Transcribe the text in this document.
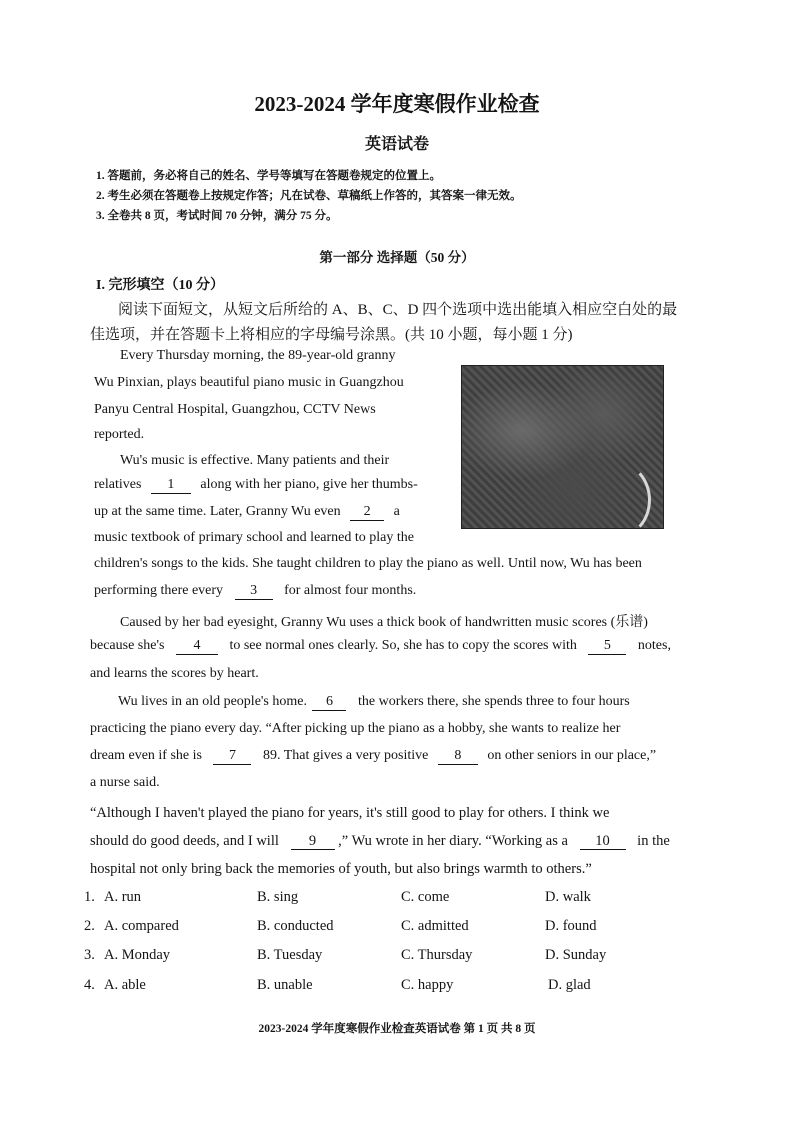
2023-2024 学年度寒假作业检查
英语试卷
1. 答题前，务必将自己的姓名、学号等填写在答题卷规定的位置上。
2. 考生必须在答题卷上按规定作答；凡在试卷、草稿纸上作答的，其答案一律无效。
3. 全卷共 8 页，考试时间 70 分钟，满分 75 分。
第一部分 选择题（50 分）
I. 完形填空（10 分）
阅读下面短文，从短文后所给的 A、B、C、D 四个选项中选出能填入相应空白处的最
佳选项，并在答题卡上将相应的字母编号涂黑。(共 10 小题，每小题 1 分)
Every Thursday morning, the 89-year-old granny
Wu Pinxian, plays beautiful piano music in Guangzhou
Panyu Central Hospital, Guangzhou, CCTV News
reported.
Wu's music is effective. Many patients and their
relatives 1 along with her piano, give her thumbs-
up at the same time. Later, Granny Wu even 2 a
music textbook of primary school and learned to play the
children's songs to the kids. She taught children to play the piano as well. Until now, Wu has been
performing there every 3 for almost four months.
Caused by her bad eyesight, Granny Wu uses a thick book of handwritten music scores (乐谱)
because she's 4 to see normal ones clearly. So, she has to copy the scores with 5 notes,
and learns the scores by heart.
Wu lives in an old people's home. 6 the workers there, she spends three to four hours
practicing the piano every day. “After picking up the piano as a hobby, she wants to realize her
dream even if she is 7 89. That gives a very positive 8 on other seniors in our place,”
a nurse said.
“Although I haven't played the piano for years, it's still good to play for others. I think we
should do good deeds, and I will 9 ,” Wu wrote in her diary. “Working as a 10 in the
hospital not only bring back the memories of youth, but also brings warmth to others.”
1. A. run	B. sing	C. come	D. walk
2. A. compared	B. conducted	C. admitted	D. found
3. A. Monday	B. Tuesday	C. Thursday	D. Sunday
4. A. able	B. unable	C. happy	D. glad
2023-2024 学年度寒假作业检查英语试卷 第 1 页 共 8 页
